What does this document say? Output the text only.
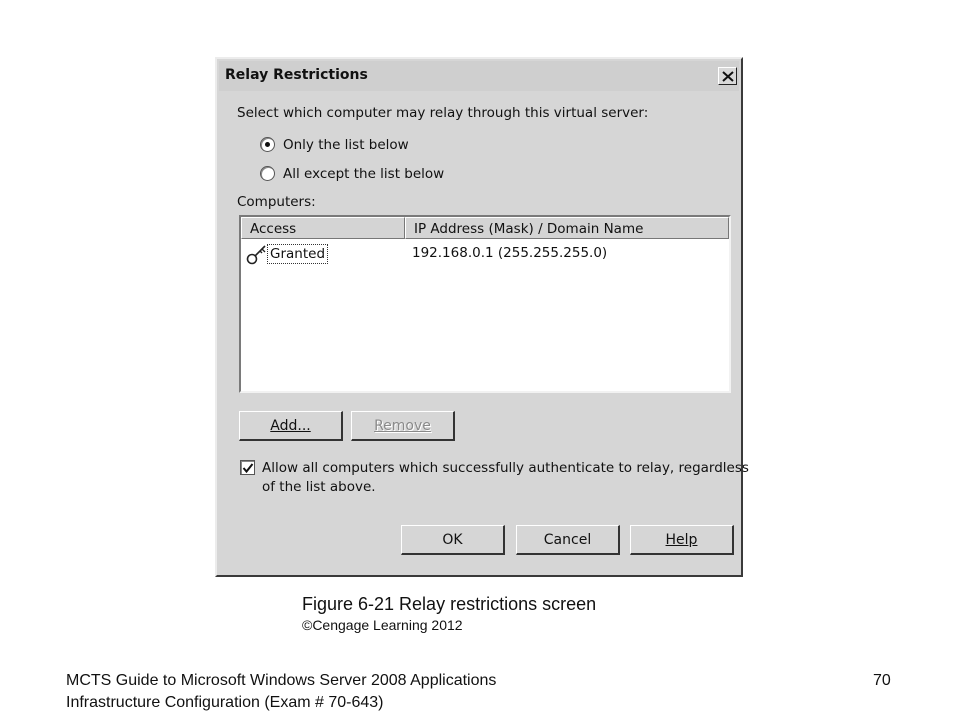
Relay Restrictions
Select which computer may relay through this virtual server:
Only the list below
All except the list below
Computers:
Access	IP Address (Mask) / Domain Name
Granted	192.168.0.1 (255.255.255.0)
Add...	Remove
Allow all computers which successfully authenticate to relay, regardless
of the list above.
OK	Cancel	Help
Figure 6-21 Relay restrictions screen
©Cengage Learning 2012
MCTS Guide to Microsoft Windows Server 2008 Applications
Infrastructure Configuration (Exam # 70-643)
70
